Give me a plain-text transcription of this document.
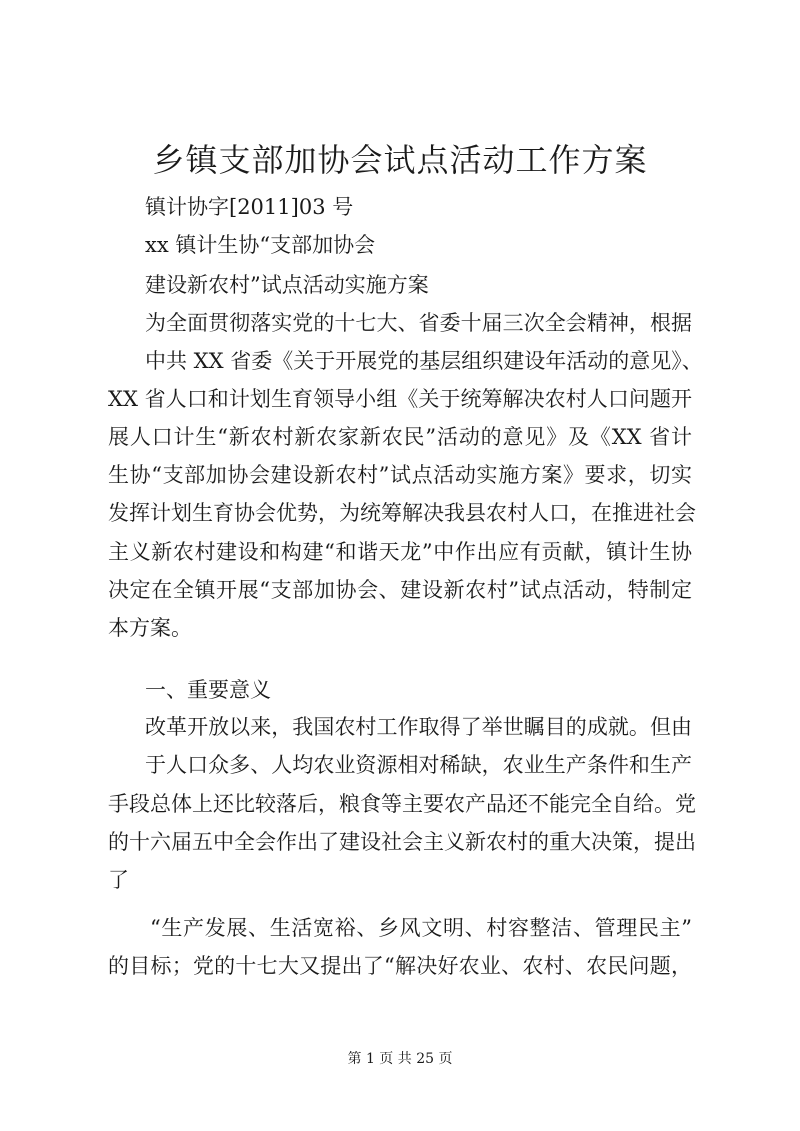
乡镇支部加协会试点活动工作方案
镇计协字[2011]03 号
xx 镇计生协“支部加协会
建设新农村”试点活动实施方案
为全面贯彻落实党的十七大、省委十届三次全会精神，根据
中共 XX 省委《关于开展党的基层组织建设年活动的意见》、
XX 省人口和计划生育领导小组《关于统筹解决农村人口问题开
展人口计生“新农村新农家新农民”活动的意见》及《XX 省计
生协“支部加协会建设新农村”试点活动实施方案》要求，切实
发挥计划生育协会优势，为统筹解决我县农村人口，在推进社会
主义新农村建设和构建“和谐天龙”中作出应有贡献，镇计生协
决定在全镇开展“支部加协会、建设新农村”试点活动，特制定
本方案。
一、重要意义
改革开放以来，我国农村工作取得了举世瞩目的成就。但由
于人口众多、人均农业资源相对稀缺，农业生产条件和生产
手段总体上还比较落后，粮食等主要农产品还不能完全自给。党
的十六届五中全会作出了建设社会主义新农村的重大决策，提出
了
“生产发展、生活宽裕、乡风文明、村容整洁、管理民主”
的目标；党的十七大又提出了“解决好农业、农村、农民问题，
第 1 页 共 25 页
